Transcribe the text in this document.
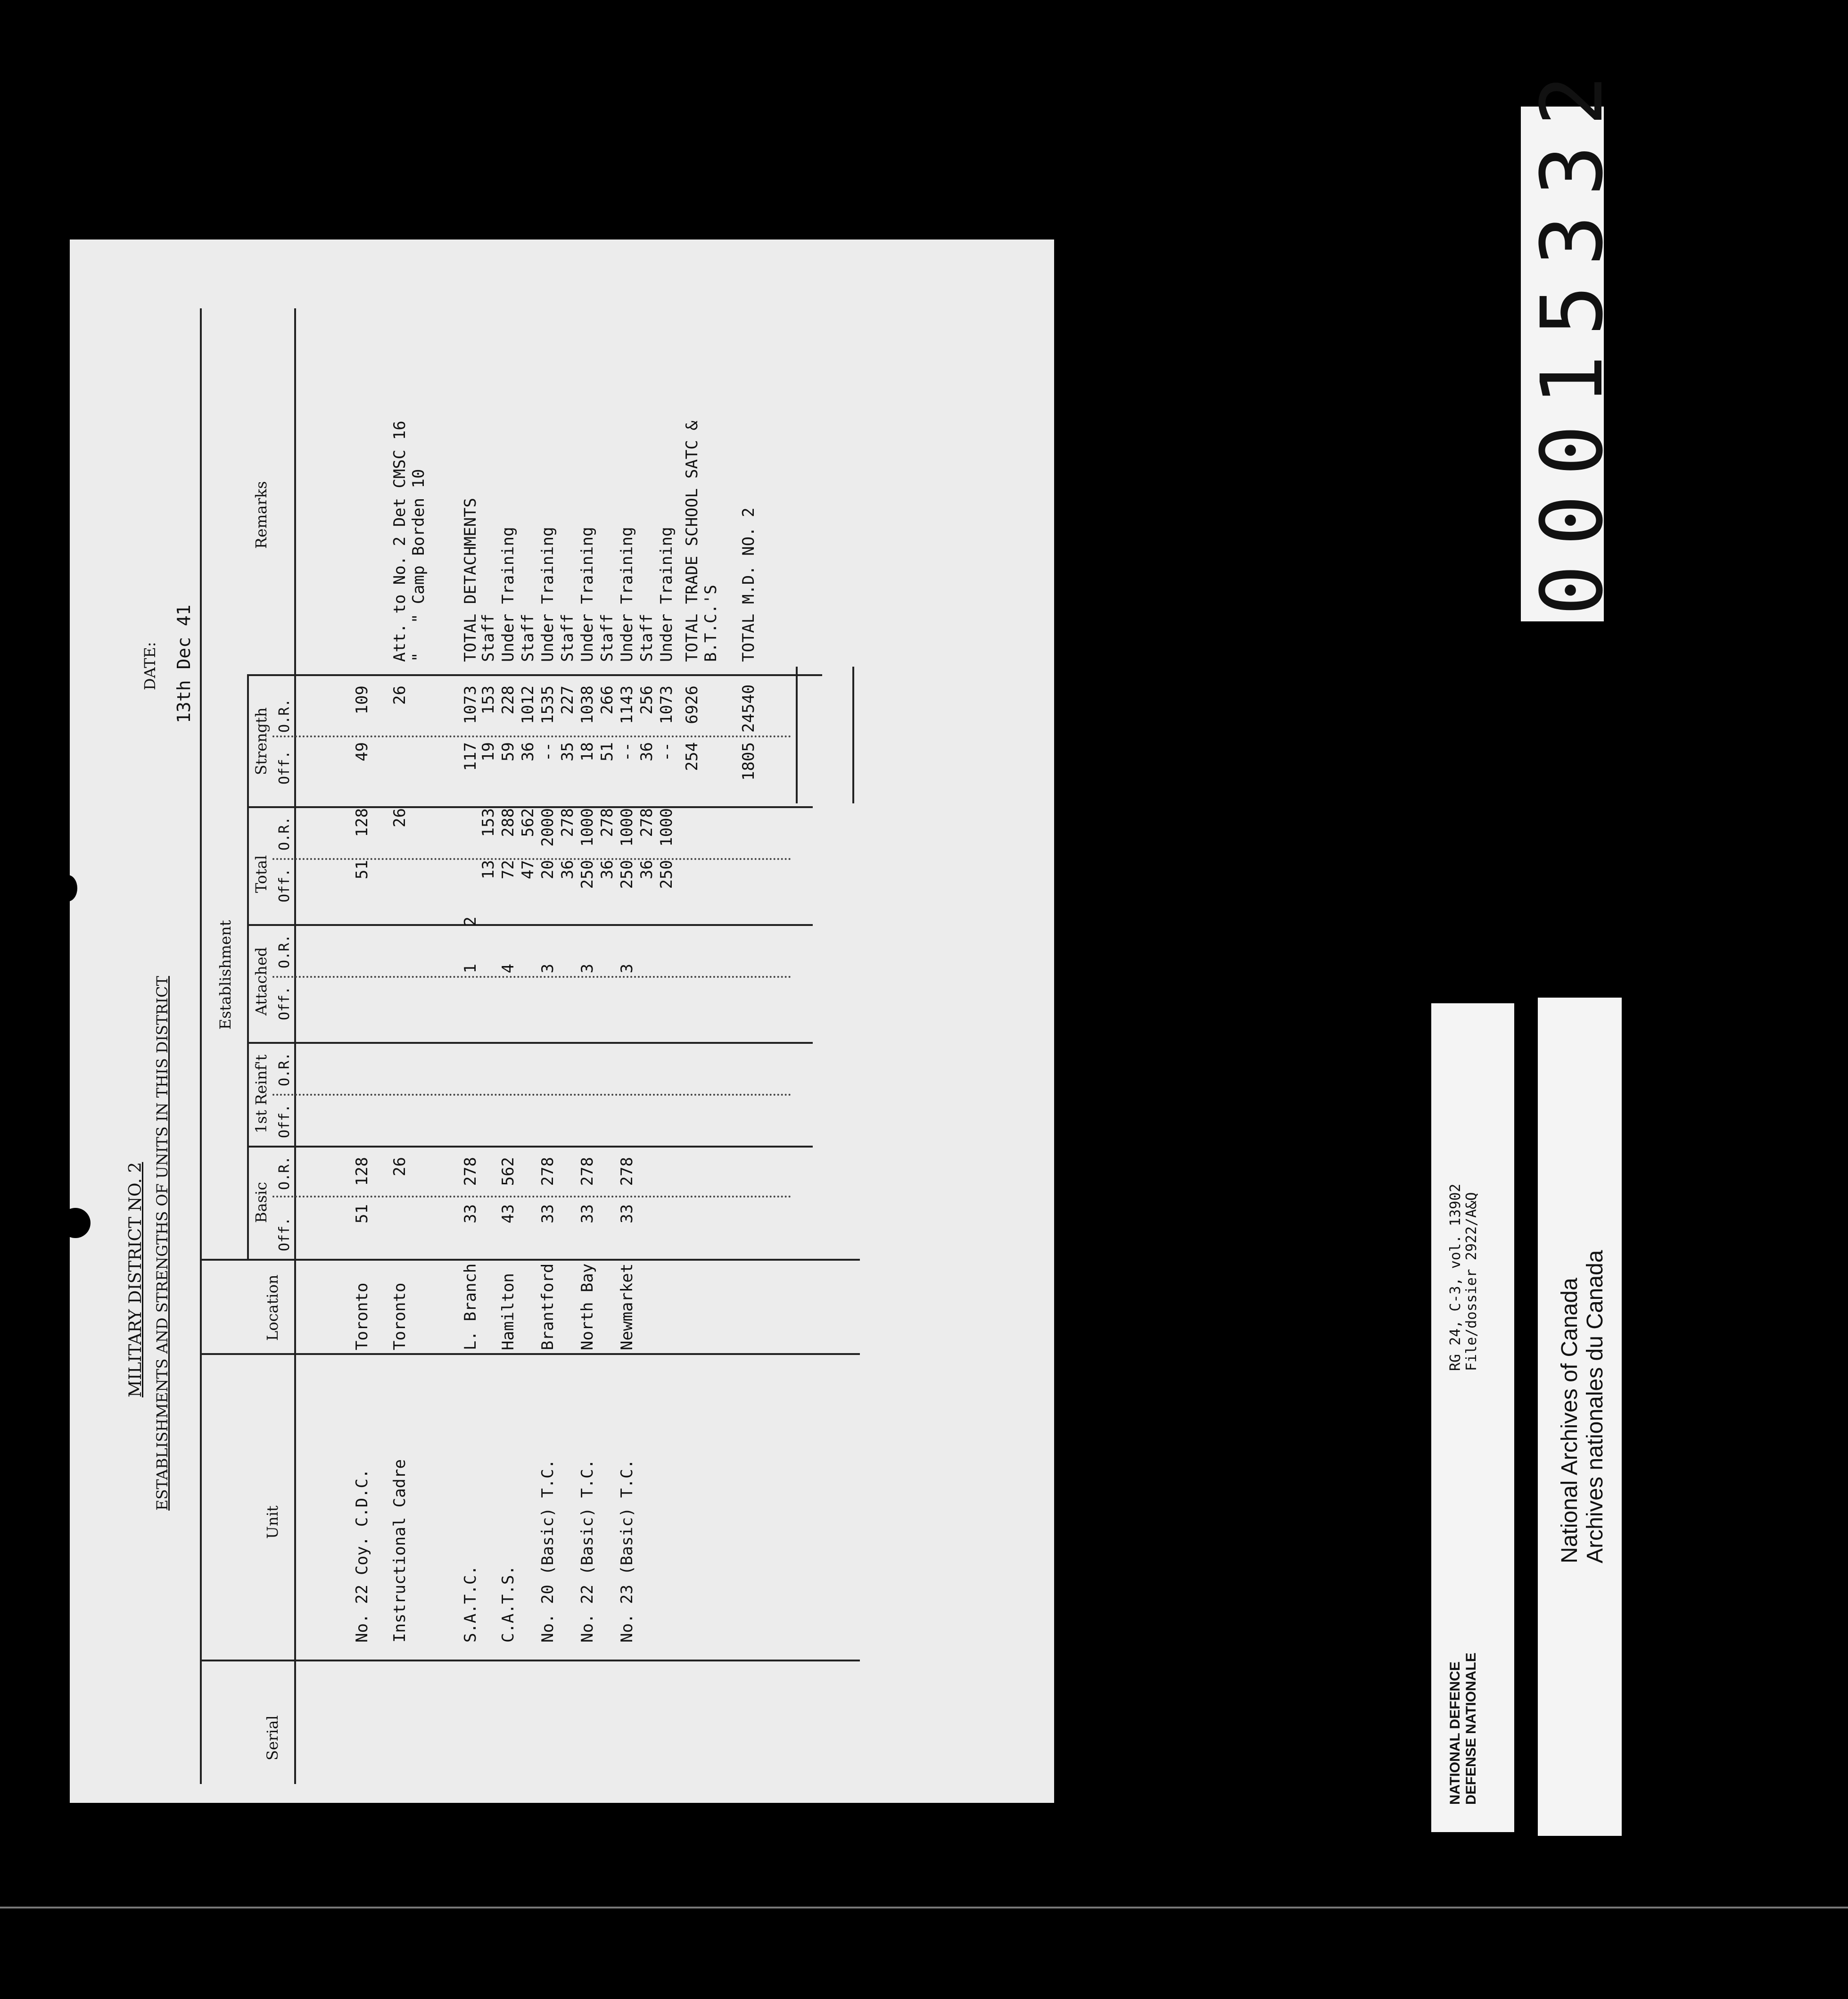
MILITARY DISTRICT NO. 2 ESTABLISHMENTS AND STRENGTHS OF UNITS IN THIS DISTRICT
DATE: 13th Dec 41
Serial
Unit
Location
Establishment
Basic
1st Reinf't
Attached
Total
Strength
Remarks
Off.
O.R.
Off.
O.R.
Off.
O.R.
Off.
O.R.
Off.
O.R.
No. 22 Coy. C.D.C.
Toronto
51
128
51
128
49
109
Instructional Cadre
Toronto
26
26
26
Att. to No. 2 Det CMSC 16 "   " Camp Borden 10
S.A.T.C.
L. Branch
33
278
1
2
117
1073
TOTAL DETACHMENTS
13
153
19
153
Staff
C.A.T.S.
Hamilton
43
562
4
72
288
59
228
Under Training
47
562
36
1012
Staff
No. 20 (Basic) T.C.
Brantford
33
278
3
20
2000
--
1535
Under Training
36
278
35
227
Staff
No. 22 (Basic) T.C.
North Bay
33
278
3
250
1000
18
1038
Under Training
36
278
51
266
Staff
No. 23 (Basic) T.C.
Newmarket
33
278
3
250
1000
--
1143
Under Training
36
278
36
256
Staff
250
1000
--
1073
Under Training
254
6926
TOTAL TRADE SCHOOL SATC & B.T.C.'S
1805
24540
TOTAL M.D. NO. 2	00015332
NATIONAL DEFENCE DEFENSE NATIONALE
RG 24, C-3, vol. 13902 File/dossier 2922/A&Q	National Archives of Canada Archives nationales du Canada
